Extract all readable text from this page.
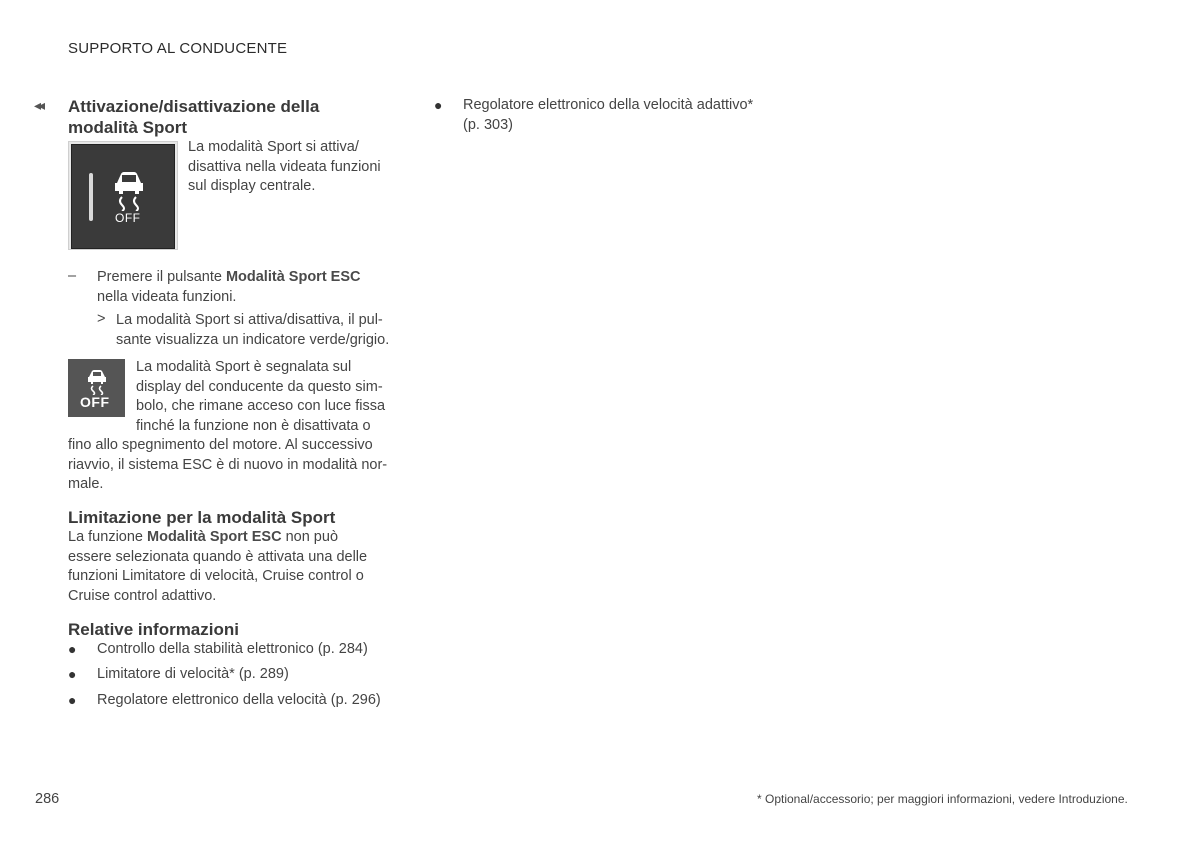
SUPPORTO AL CONDUCENTE
◂◂ Attivazione/disattivazione della
modalità Sport
OFF
La modalità Sport si attiva/
disattiva nella videata funzioni
sul display centrale.
– Premere il pulsante Modalità Sport ESC
nella videata funzioni.
> La modalità Sport si attiva/disattiva, il pul-
sante visualizza un indicatore verde/grigio.
OFF
La modalità Sport è segnalata sul
display del conducente da questo sim-
bolo, che rimane acceso con luce fissa
finché la funzione non è disattivata o
fino allo spegnimento del motore. Al successivo
riavvio, il sistema ESC è di nuovo in modalità nor-
male.
Limitazione per la modalità Sport
La funzione Modalità Sport ESC non può
essere selezionata quando è attivata una delle
funzioni Limitatore di velocità, Cruise control o
Cruise control adattivo.
Relative informazioni
● Controllo della stabilità elettronico (p. 284)
● Limitatore di velocità* (p. 289)
● Regolatore elettronico della velocità (p. 296)
● Regolatore elettronico della velocità adattivo*
(p. 303)
286	* Optional/accessorio; per maggiori informazioni, vedere Introduzione.
